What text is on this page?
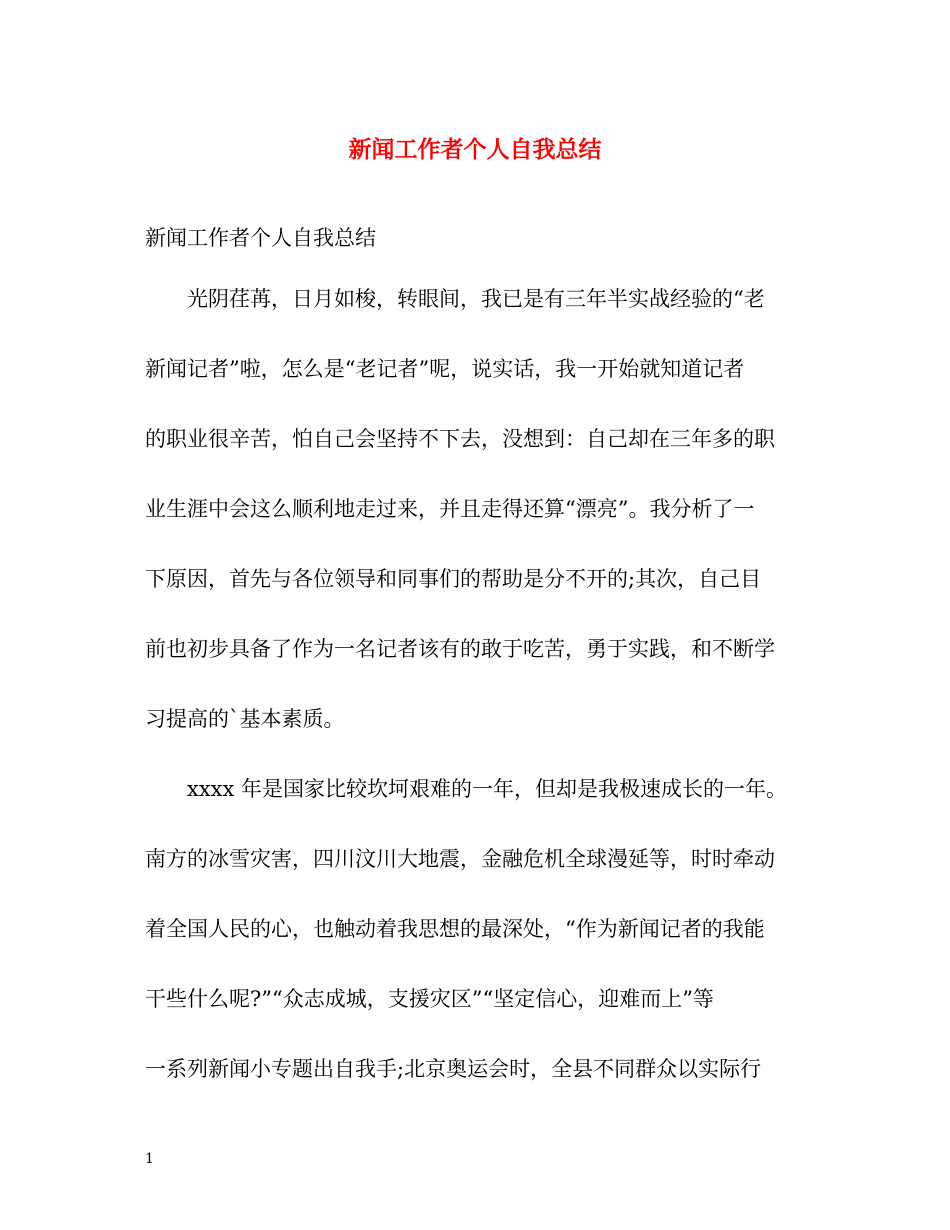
新闻工作者个人自我总结

新闻工作者个人自我总结

　　光阴荏苒，日月如梭，转眼间，我已是有三年半实战经验的“老

新闻记者”啦，怎么是“老记者”呢，说实话，我一开始就知道记者

的职业很辛苦，怕自己会坚持不下去，没想到：自己却在三年多的职

业生涯中会这么顺利地走过来，并且走得还算“漂亮”。我分析了一

下原因，首先与各位领导和同事们的帮助是分不开的;其次，自己目

前也初步具备了作为一名记者该有的敢于吃苦，勇于实践，和不断学

习提高的`基本素质。

　　xxxx 年是国家比较坎坷艰难的一年，但却是我极速成长的一年。

南方的冰雪灾害，四川汶川大地震，金融危机全球漫延等，时时牵动

着全国人民的心，也触动着我思想的最深处，“作为新闻记者的我能

干些什么呢?”“众志成城，支援灾区”“坚定信心，迎难而上”等

一系列新闻小专题出自我手;北京奥运会时，全县不同群众以实际行

1
